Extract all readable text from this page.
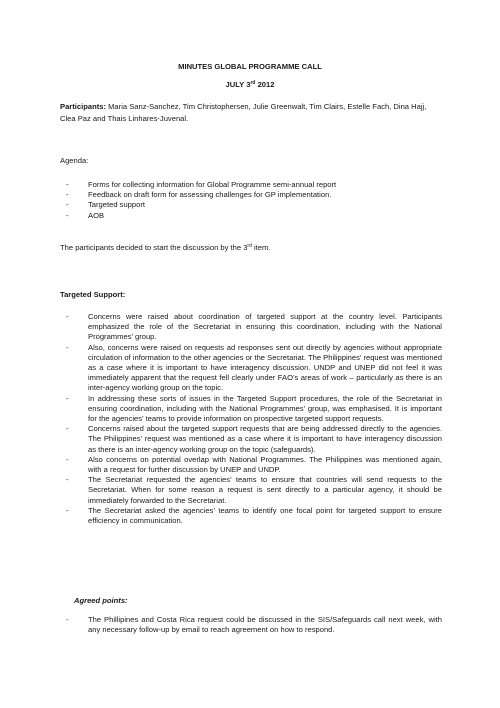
MINUTES GLOBAL PROGRAMME CALL
JULY 3rd 2012
Participants: Maria Sanz-Sanchez, Tim Christophersen, Julie Greenwalt, Tim Clairs, Estelle Fach, Dina Hajj, Clea Paz and Thais Linhares-Juvenal.
Agenda:
- Forms for collecting information for Global Programme semi-annual report
- Feedback on draft form for assessing challenges for GP implementation.
- Targeted support
- AOB
The participants decided to start the discussion by the 3rd item.
Targeted Support:
- Concerns were raised about coordination of targeted support at the country level. Participants emphasized the role of the Secretariat in ensuring this coordination, including with the National Programmes’ group.
- Also, concerns were raised on requests ad responses sent out directly by agencies without appropriate circulation of information to the other agencies or the Secretariat. The Philippines’ request was mentioned as a case where it is important to have interagency discussion. UNDP and UNEP did not feel it was immediately apparent that the request fell clearly under FAO’s areas of work – particularly as there is an inter-agency working group on the topic.
- In addressing these sorts of issues in the Targeted Support procedures, the role of the Secretariat in ensuring coordination, including with the National Programmes’ group, was emphasised. It is important for the agencies’ teams to provide information on prospective targeted support requests.
- Concerns raised about the targeted support requests that are being addressed directly to the agencies. The Philippines’ request was mentioned as a case where it is important to have interagency discussion as there is an inter-agency working group on the topic (safeguards).
- Also concerns on potential overlap with National Programmes. The Philippines was mentioned again, with a request for further discussion by UNEP and UNDP.
- The Secretariat requested the agencies’ teams to ensure that countries will send requests to the Secretariat. When for some reason a request is sent directly to a particular agency, it should be immediately forwarded to the Secretariat.
- The Secretariat asked the agencies’ teams to identify one focal point for targeted support to ensure efficiency in communication.
Agreed points:
- The Phillipines and Costa Rica request could be discussed in the SIS/Safeguards call next week, with any necessary follow-up by email to reach agreement on how to respond.
